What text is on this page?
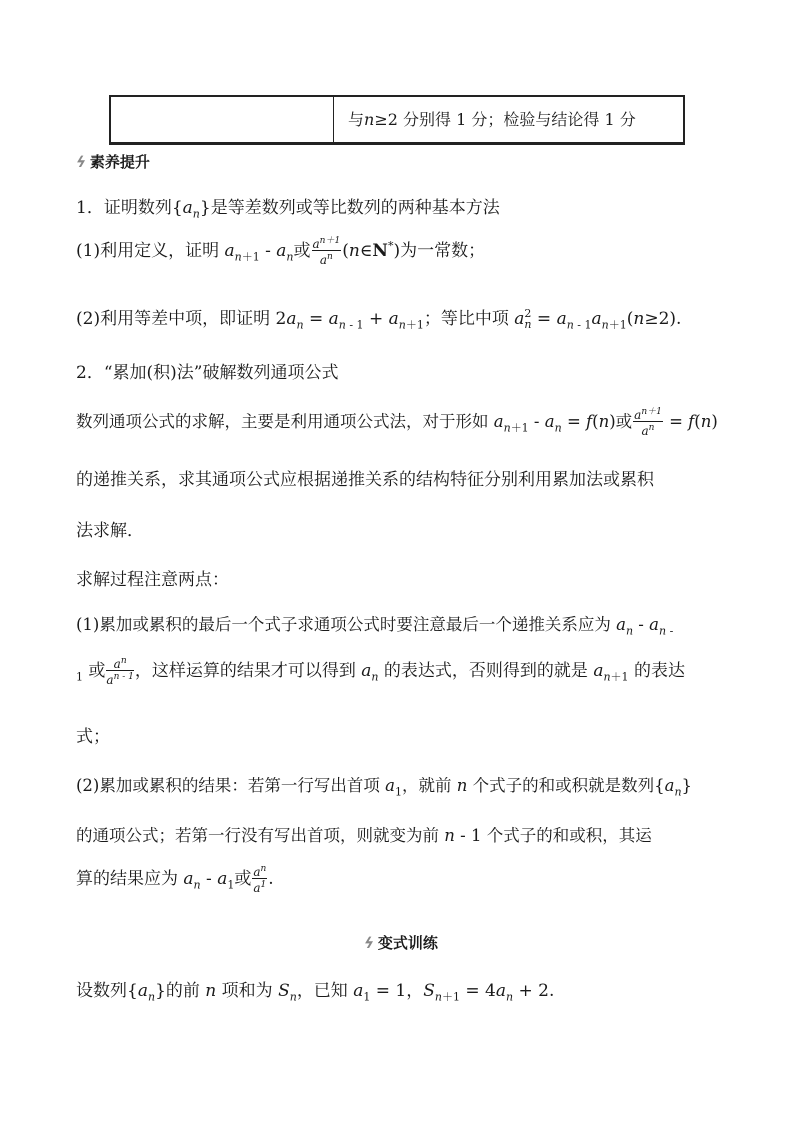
与n≥2 分别得 1 分；检验与结论得 1 分
ϟ 素养提升
1．证明数列$\{a_n\}$是等差数列或等比数列的两种基本方法
(1)利用定义，证明 $a_{n+1} - a_n$或 $\frac{a^{n+1}}{a^n}$ (n∈N*)为一常数；
(2)利用等差中项，即证明 $2a_n = a_{n - 1} + a_{n+1}$；等比中项 $a^2_n = a_{n - 1}a_{n+1}(n\ge 2)$.
2．“累加(积)法”破解数列通项公式
数列通项公式的求解，主要是利用通项公式法，对于形如 $a_{n+1} - a_n = f(n)$或 $\frac{a^{n+1}}{a^n} = f(n)$
的递推关系，求其通项公式应根据递推关系的结构特征分别利用累加法或累积
法求解．
求解过程注意两点：
(1)累加或累积的最后一个式子求通项公式时要注意最后一个递推关系应为 $a_n - a_{n -}$
$_1$ 或 $\frac{a^n}{a^{n - 1}}$ ，这样运算的结果才可以得到 $a_n$ 的表达式，否则得到的就是 $a_{n+1}$ 的表达
式；
(2)累加或累积的结果：若第一行写出首项 $a_1$，就前 n 个式子的和或积就是数列$\{a_n\}$
的通项公式；若第一行没有写出首项，则就变为前 n - 1 个式子的和或积，其运
算的结果应为 $a_n - a_1$或 $\frac{a^n}{a^1}$ .
ϟ 变式训练
设数列$\{a_n\}$的前 n 项和为 $S_n$，已知 $a_1 = 1$，$S_{n+1} = 4a_n + 2$.
